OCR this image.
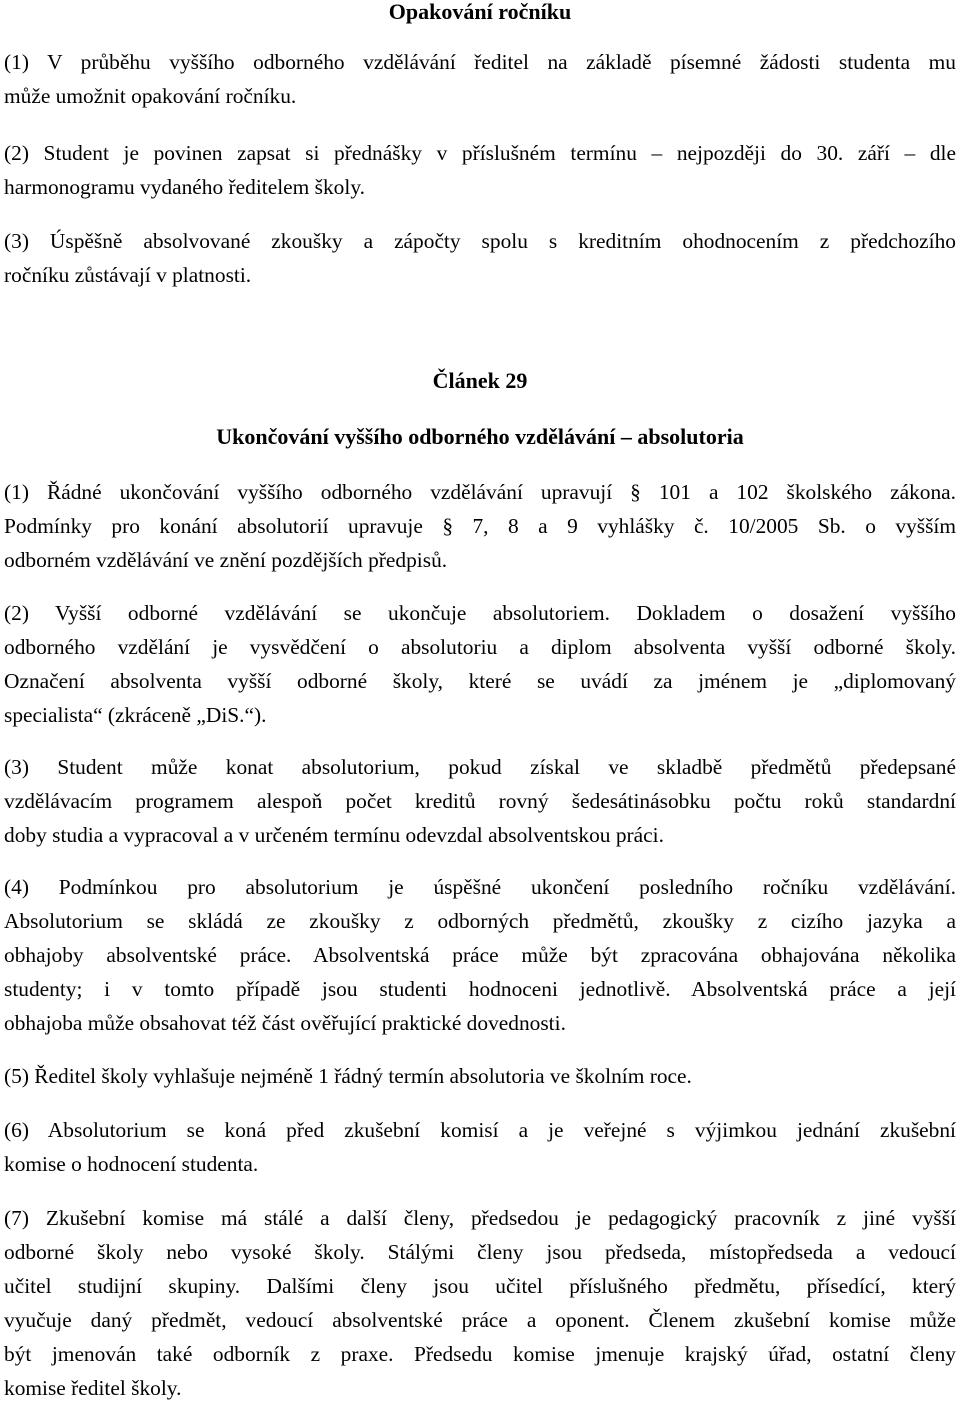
Opakování ročníku
(1) V průběhu vyššího odborného vzdělávání ředitel na základě písemné žádosti studenta mu
může umožnit opakování ročníku.
(2) Student je povinen zapsat si přednášky v příslušném termínu – nejpozději do 30. září – dle
harmonogramu vydaného ředitelem školy.
(3) Úspěšně absolvované zkoušky a zápočty spolu s kreditním ohodnocením z předchozího
ročníku zůstávají v platnosti.
Článek 29
Ukončování vyššího odborného vzdělávání – absolutoria
(1) Řádné ukončování vyššího odborného vzdělávání upravují § 101 a 102 školského zákona.
Podmínky pro konání absolutorií upravuje § 7, 8 a 9 vyhlášky č. 10/2005 Sb. o vyšším
odborném vzdělávání ve znění pozdějších předpisů.
(2) Vyšší odborné vzdělávání se ukončuje absolutoriem. Dokladem o dosažení vyššího
odborného vzdělání je vysvědčení o absolutoriu a diplom absolventa vyšší odborné školy.
Označení absolventa vyšší odborné školy, které se uvádí za jménem je „diplomovaný
specialista“ (zkráceně „DiS.“).
(3) Student může konat absolutorium, pokud získal ve skladbě předmětů předepsané
vzdělávacím programem alespoň počet kreditů rovný šedesátinásobku počtu roků standardní
doby studia a vypracoval a v určeném termínu odevzdal absolventskou práci.
(4) Podmínkou pro absolutorium je úspěšné ukončení posledního ročníku vzdělávání.
Absolutorium se skládá ze zkoušky z odborných předmětů, zkoušky z cizího jazyka a
obhajoby absolventské práce. Absolventská práce může být zpracována obhajována několika
studenty; i v tomto případě jsou studenti hodnoceni jednotlivě. Absolventská práce a její
obhajoba může obsahovat též část ověřující praktické dovednosti.
(5) Ředitel školy vyhlašuje nejméně 1 řádný termín absolutoria ve školním roce.
(6) Absolutorium se koná před zkušební komisí a je veřejné s výjimkou jednání zkušební
komise o hodnocení studenta.
(7) Zkušební komise má stálé a další členy, předsedou je pedagogický pracovník z jiné vyšší
odborné školy nebo vysoké školy. Stálými členy jsou předseda, místopředseda a vedoucí
učitel studijní skupiny. Dalšími členy jsou učitel příslušného předmětu, přísedící, který
vyučuje daný předmět, vedoucí absolventské práce a oponent. Členem zkušební komise může
být jmenován také odborník z praxe. Předsedu komise jmenuje krajský úřad, ostatní členy
komise ředitel školy.
